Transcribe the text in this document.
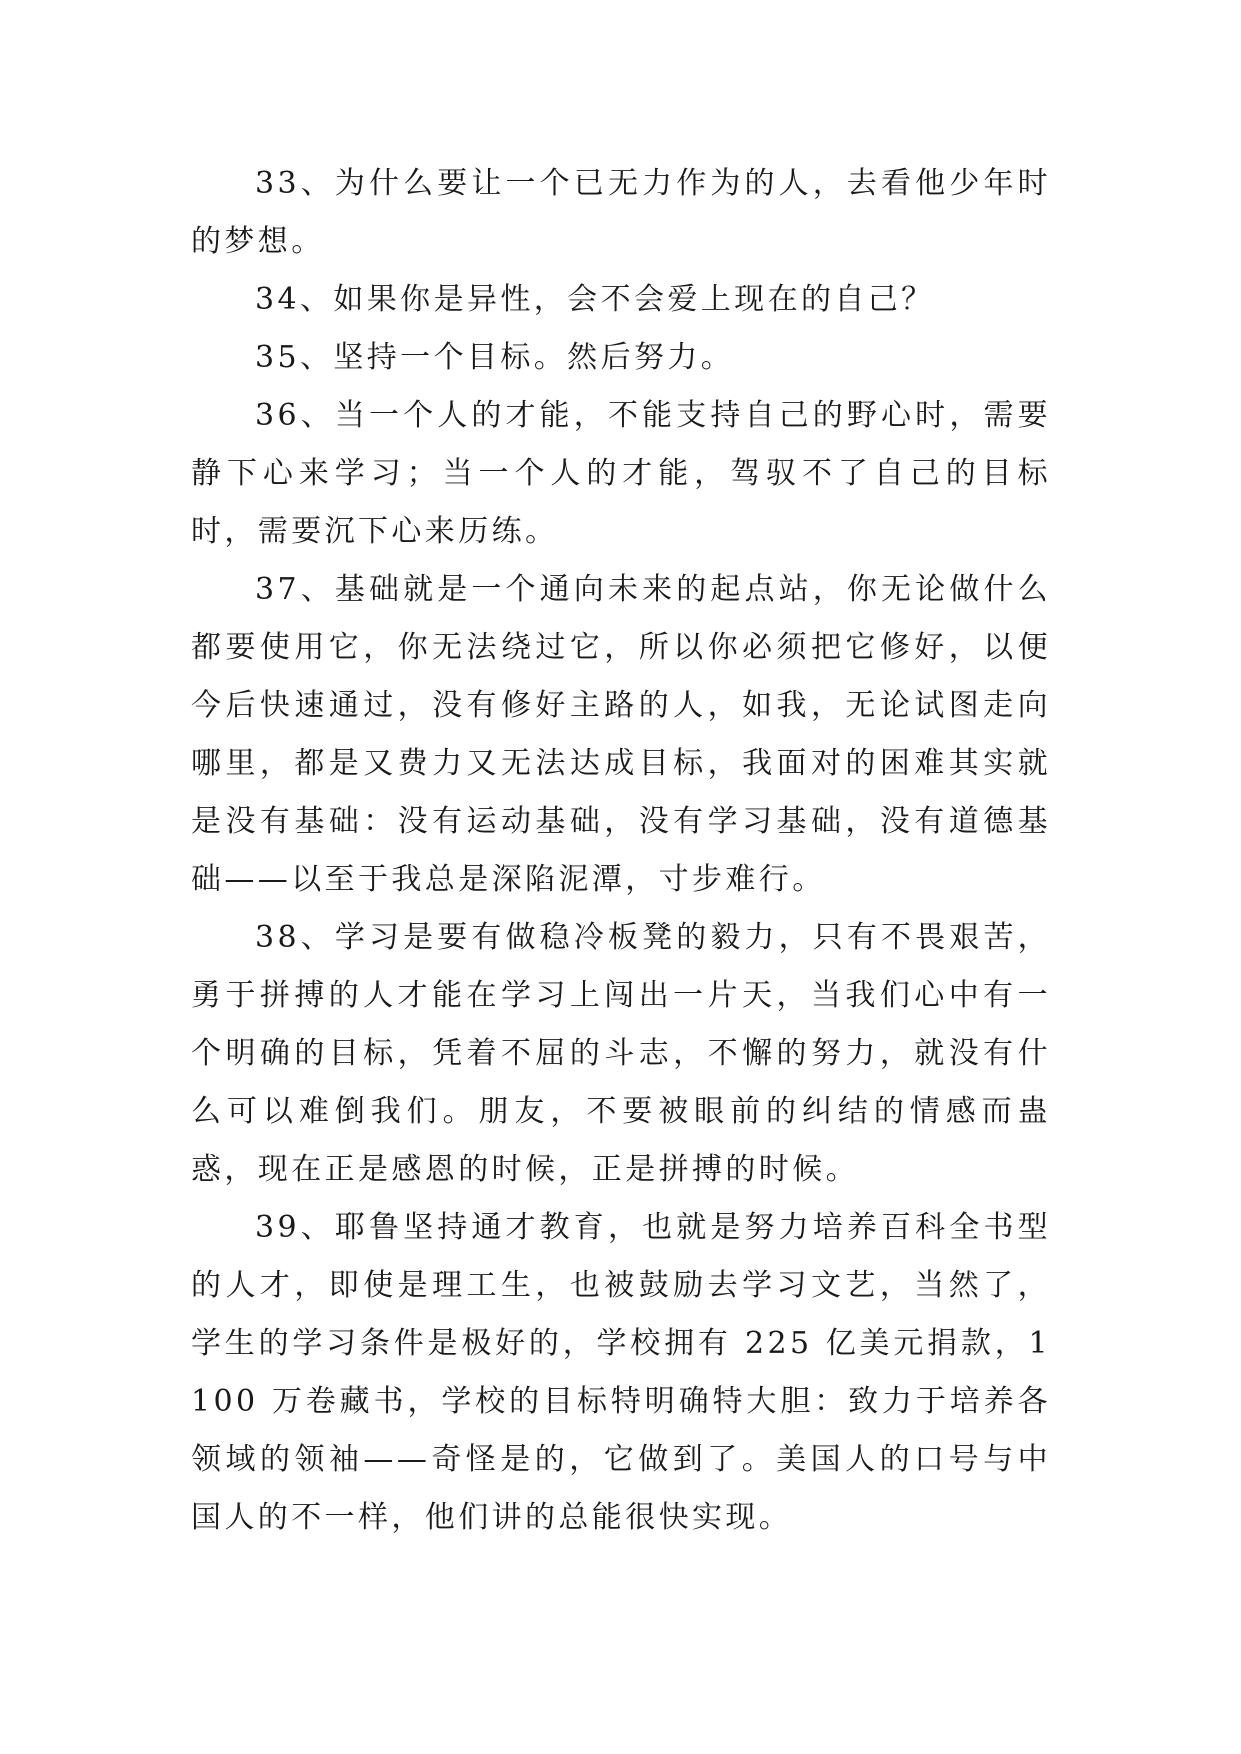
33、为什么要让一个已无力作为的人，去看他少年时的梦想。

34、如果你是异性，会不会爱上现在的自己？

35、坚持一个目标。然后努力。

36、当一个人的才能，不能支持自己的野心时，需要静下心来学习；当一个人的才能，驾驭不了自己的目标时，需要沉下心来历练。

37、基础就是一个通向未来的起点站，你无论做什么都要使用它，你无法绕过它，所以你必须把它修好，以便今后快速通过，没有修好主路的人，如我，无论试图走向哪里，都是又费力又无法达成目标，我面对的困难其实就是没有基础：没有运动基础，没有学习基础，没有道德基础——以至于我总是深陷泥潭，寸步难行。

38、学习是要有做稳冷板凳的毅力，只有不畏艰苦，勇于拼搏的人才能在学习上闯出一片天，当我们心中有一个明确的目标，凭着不屈的斗志，不懈的努力，就没有什么可以难倒我们。朋友，不要被眼前的纠结的情感而蛊惑，现在正是感恩的时候，正是拼搏的时候。

39、耶鲁坚持通才教育，也就是努力培养百科全书型的人才，即使是理工生，也被鼓励去学习文艺，当然了，学生的学习条件是极好的，学校拥有 225 亿美元捐款，1100 万卷藏书，学校的目标特明确特大胆：致力于培养各领域的领袖——奇怪是的，它做到了。美国人的口号与中国人的不一样，他们讲的总能很快实现。
